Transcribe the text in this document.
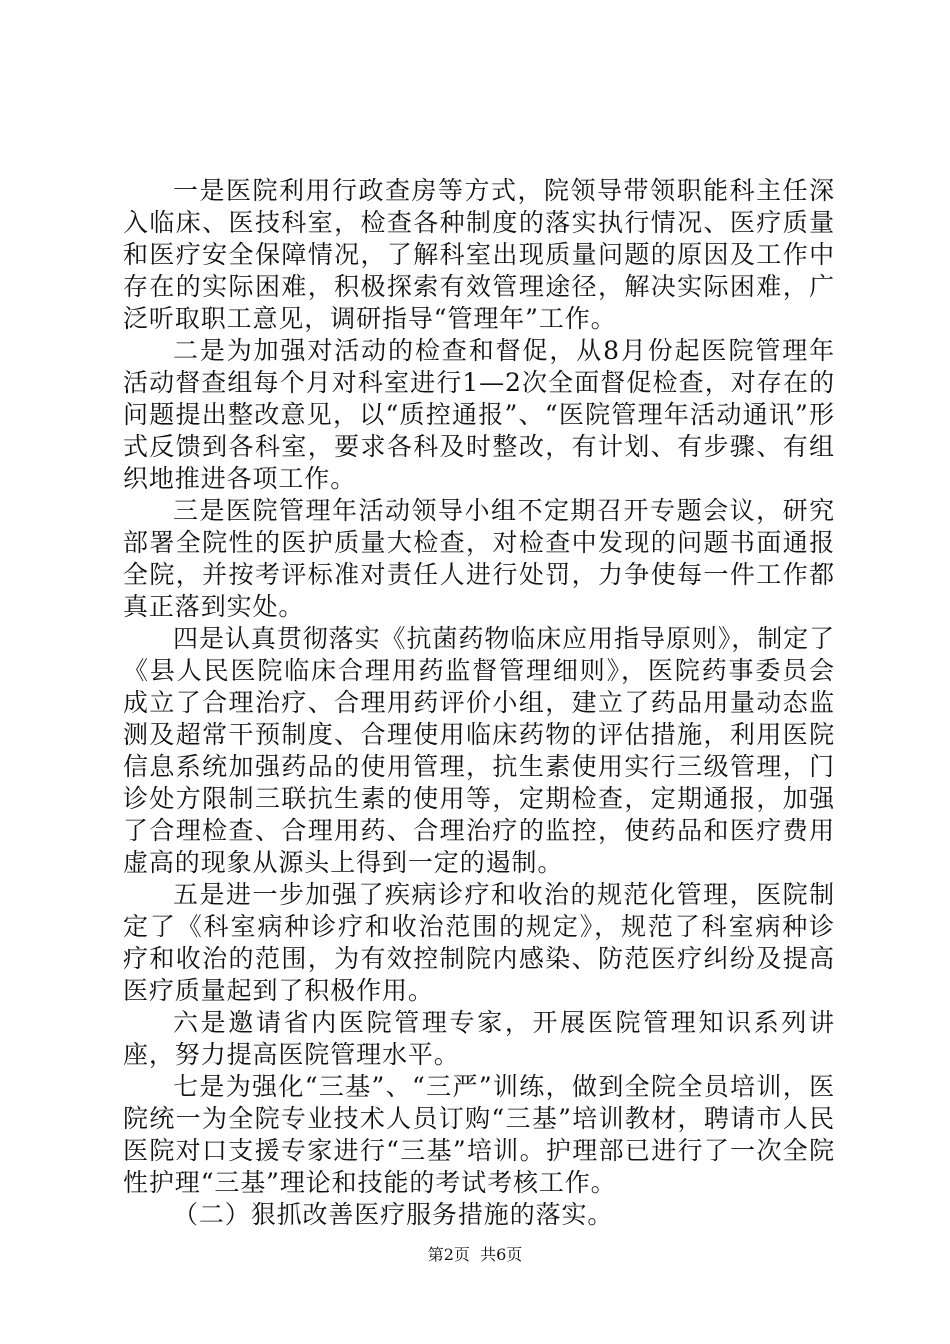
一是医院利用行政查房等方式，院领导带领职能科主任深入临床、医技科室，检查各种制度的落实执行情况、医疗质量和医疗安全保障情况，了解科室出现质量问题的原因及工作中存在的实际困难，积极探索有效管理途径，解决实际困难，广泛听取职工意见，调研指导“管理年”工作。

二是为加强对活动的检查和督促，从8月份起医院管理年活动督查组每个月对科室进行1—2次全面督促检查，对存在的问题提出整改意见，以“质控通报”、“医院管理年活动通讯”形式反馈到各科室，要求各科及时整改，有计划、有步骤、有组织地推进各项工作。

三是医院管理年活动领导小组不定期召开专题会议，研究部署全院性的医护质量大检查，对检查中发现的问题书面通报全院，并按考评标准对责任人进行处罚，力争使每一件工作都真正落到实处。

四是认真贯彻落实《抗菌药物临床应用指导原则》，制定了《县人民医院临床合理用药监督管理细则》，医院药事委员会成立了合理治疗、合理用药评价小组，建立了药品用量动态监测及超常干预制度、合理使用临床药物的评估措施，利用医院信息系统加强药品的使用管理，抗生素使用实行三级管理，门诊处方限制三联抗生素的使用等，定期检查，定期通报，加强了合理检查、合理用药、合理治疗的监控，使药品和医疗费用虚高的现象从源头上得到一定的遏制。

五是进一步加强了疾病诊疗和收治的规范化管理，医院制定了《科室病种诊疗和收治范围的规定》，规范了科室病种诊疗和收治的范围，为有效控制院内感染、防范医疗纠纷及提高医疗质量起到了积极作用。

六是邀请省内医院管理专家，开展医院管理知识系列讲座，努力提高医院管理水平。

七是为强化“三基”、“三严”训练，做到全院全员培训，医院统一为全院专业技术人员订购“三基”培训教材，聘请市人民医院对口支援专家进行“三基”培训。护理部已进行了一次全院性护理“三基”理论和技能的考试考核工作。

（二）狠抓改善医疗服务措施的落实。

第2页 共6页
